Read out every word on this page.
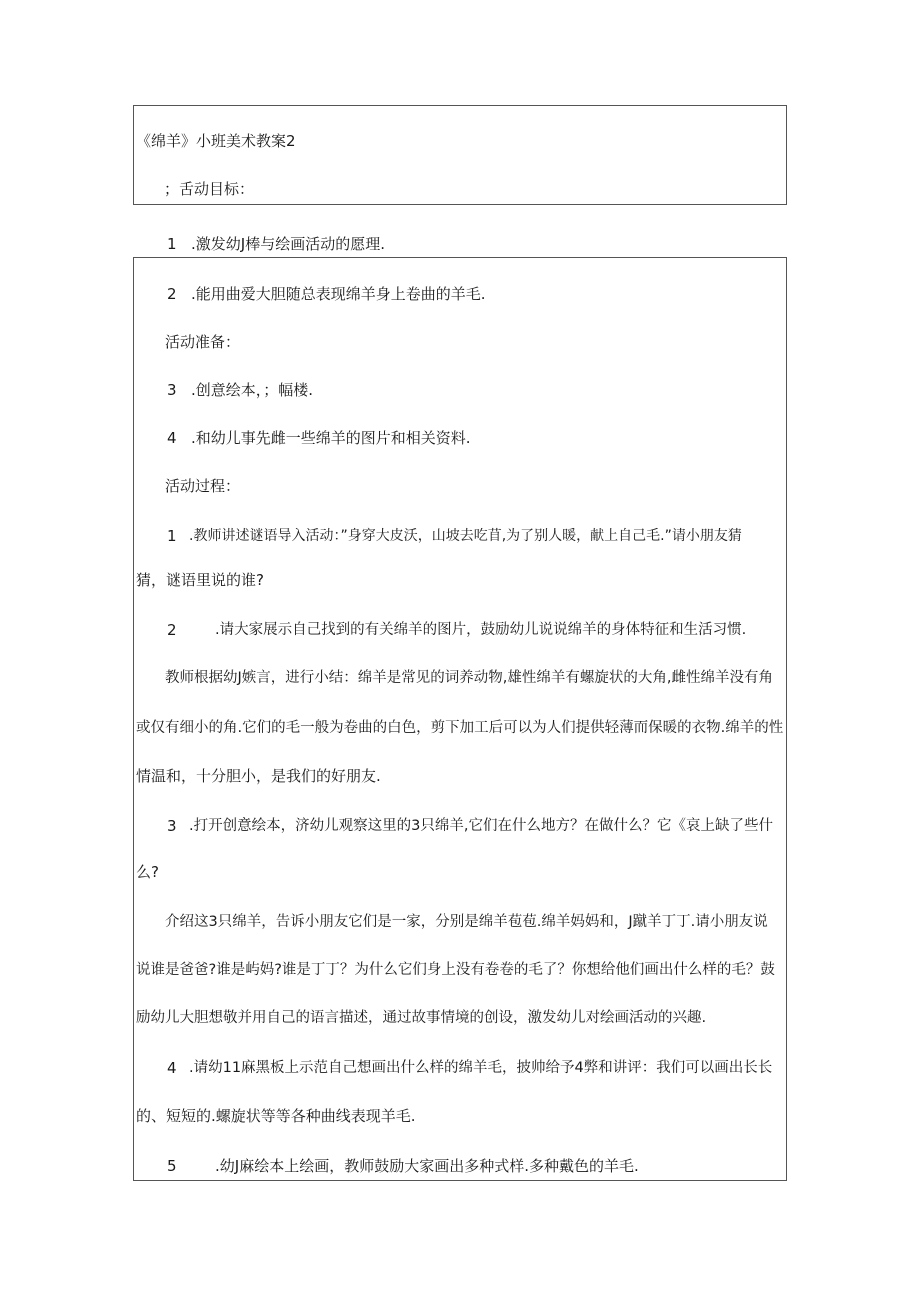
《绵羊》小班美术教案2
；舌动目标：
1 .激发幼J棒与绘画活动的愿理.
2 .能用曲爱大胆随总表现绵羊身上卷曲的羊毛.
活动准备：
3 .创意绘本，；幅楼.
4 .和幼儿事先雌一些绵羊的图片和相关资料.
活动过程：
1 .教师讲述谜语导入活动：”身穿大皮沃，山坡去吃苜,为了别人暖，献上自己毛.”请小朋友猜
猜，谜语里说的谁?
2	.请大家展示自己找到的有关绵羊的图片，鼓励幼儿说说绵羊的身体特征和生活习惯.
教师根据幼J嫉言，进行小结：绵羊是常见的词养动物,雄性绵羊有螺旋状的大角,雌性绵羊没有角
或仅有细小的角.它们的毛一般为卷曲的白色，剪下加工后可以为人们提供轻薄而保暖的衣物.绵羊的性
情温和，十分胆小，是我们的好朋友.
3 .打开创意绘本，济幼儿观察这里的3只绵羊,它们在什么地方？在做什么？它《哀上缺了些什
么?
介绍这3只绵羊，告诉小朋友它们是一家，分别是绵羊苞苞.绵羊妈妈和，J蹴羊丁丁.请小朋友说
说谁是爸爸?谁是屿妈?谁是丁丁？为什么它们身上没有卷卷的毛了？你想给他们画出什么样的毛？鼓
励幼儿大胆想敬并用自己的语言描述，通过故事情境的创设，激发幼儿对绘画活动的兴趣.
4 .请幼11麻黑板上示范自己想画出什么样的绵羊毛，披帅给予4弊和讲评：我们可以画出长长
的、短短的.螺旋状等等各种曲线表现羊毛.
5	.幼J麻绘本上绘画，教师鼓励大家画出多种式样.多种戴色的羊毛.
